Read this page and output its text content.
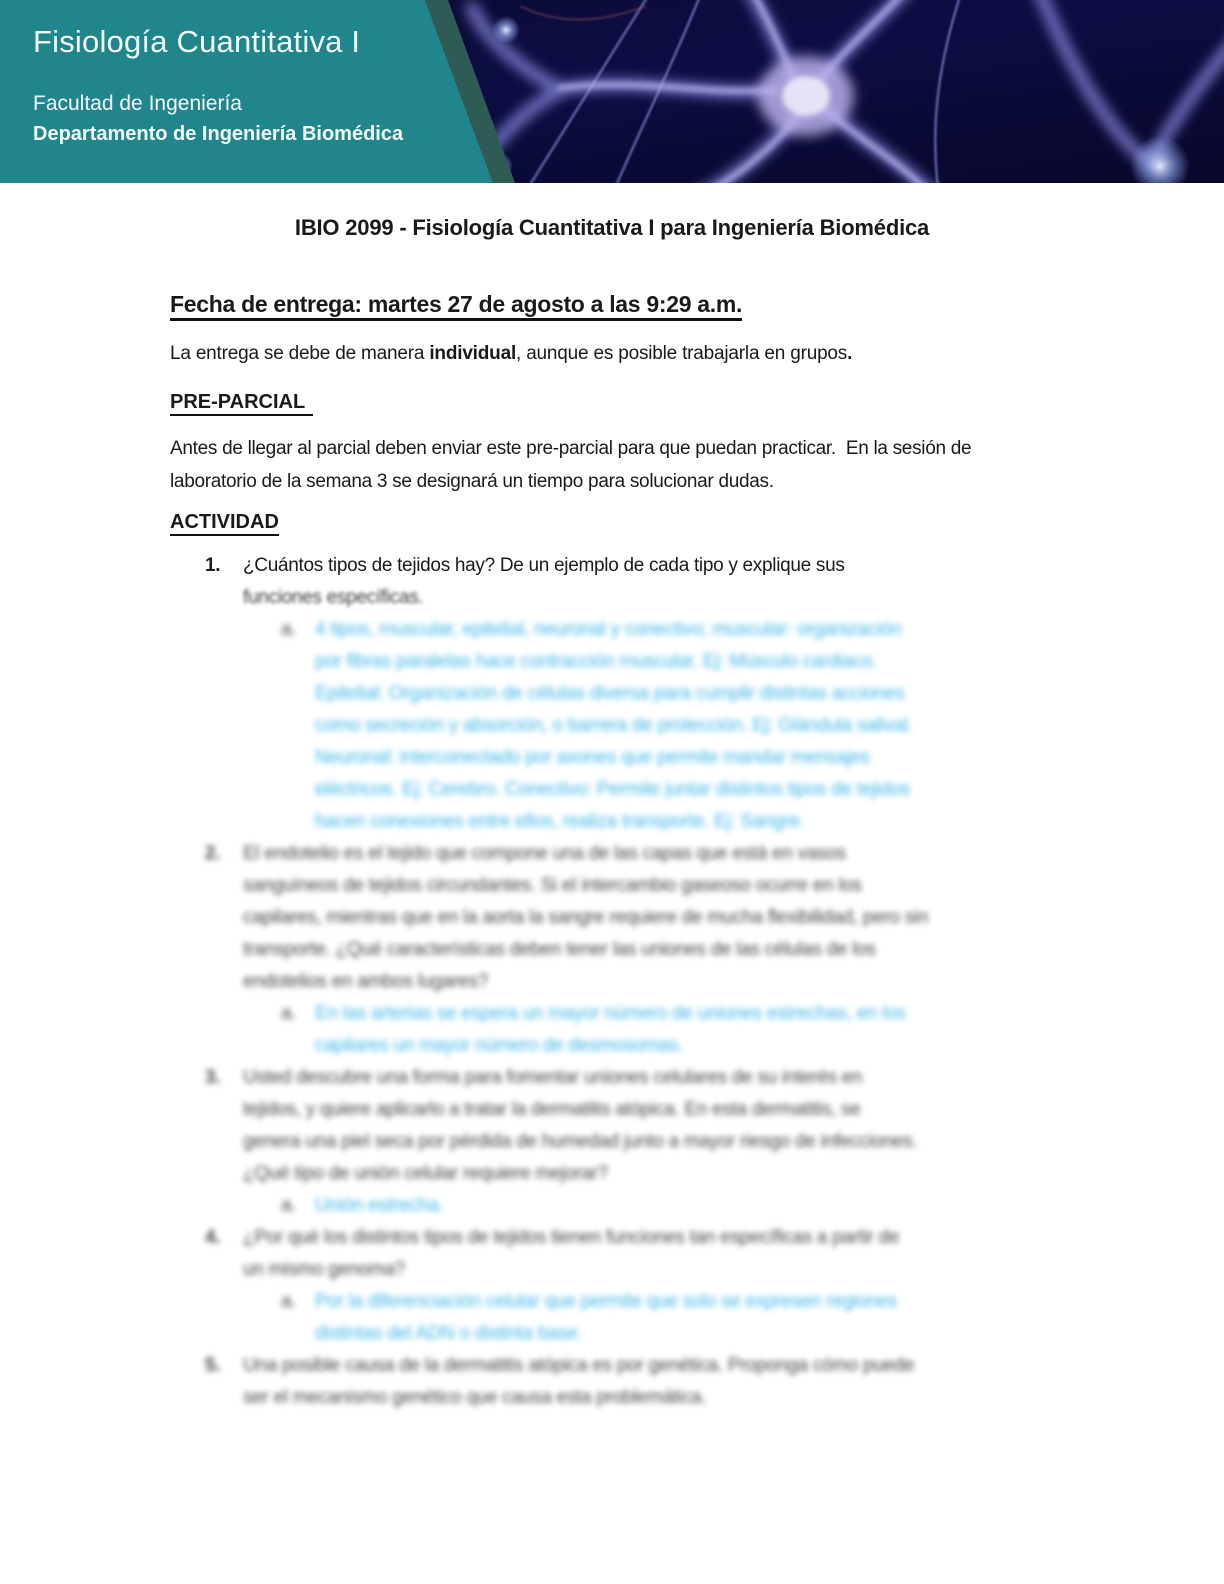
Fisiología Cuantitativa I
Facultad de Ingeniería
Departamento de Ingeniería Biomédica
IBIO 2099 - Fisiología Cuantitativa I para Ingeniería Biomédica
Fecha de entrega: martes 27 de agosto a las 9:29 a.m.

La entrega se debe de manera individual, aunque es posible trabajarla en grupos.

PRE-PARCIAL

Antes de llegar al parcial deben enviar este pre-parcial para que puedan practicar.  En la sesión de
laboratorio de la semana 3 se designará un tiempo para solucionar dudas.

ACTIVIDAD
1.	¿Cuántos tipos de tejidos hay? De un ejemplo de cada tipo y explique sus
funciones específicas.
a. 4 tipos, muscular, epitelial, neuronal y conectivo; muscular: organización
por fibras paralelas hace contracción muscular. Ej: Músculo cardiaco.
Epitelial: Organización de células diversa para cumplir distintas acciones
como secreción y absorción, o barrera de protección. Ej: Glándula salival.
Neuronal: interconectado por axones que permite mandar mensajes
eléctricos. Ej: Cerebro. Conectivo: Permite juntar distintos tipos de tejidos
hacen conexiones entre ellos, realiza transporte. Ej: Sangre.
2.	El endotelio es el tejido que compone una de las capas que está en vasos
sanguíneos de tejidos circundantes. Si el intercambio gaseoso ocurre en los
capilares, mientras que en la aorta la sangre requiere de mucha flexibilidad, pero sin
transporte. ¿Qué características deben tener las uniones de las células de los
endotelios en ambos lugares?
a. En las arterias se espera un mayor número de uniones estrechas, en los
capilares un mayor número de desmosomas.
3.	Usted descubre una forma para fomentar uniones celulares de su interés en
tejidos, y quiere aplicarlo a tratar la dermatitis atópica. En esta dermatitis, se
genera una piel seca por pérdida de humedad junto a mayor riesgo de infecciones.
¿Qué tipo de unión celular requiere mejorar?
a. Unión estrecha.
4.	¿Por qué los distintos tipos de tejidos tienen funciones tan específicas a partir de
un mismo genoma?
a. Por la diferenciación celular que permite que solo se expresen regiones
distintas del ADN o distinta base.
5.	Una posible causa de la dermatitis atópica es por genética. Proponga cómo puede
ser el mecanismo genético que causa esta problemática.
